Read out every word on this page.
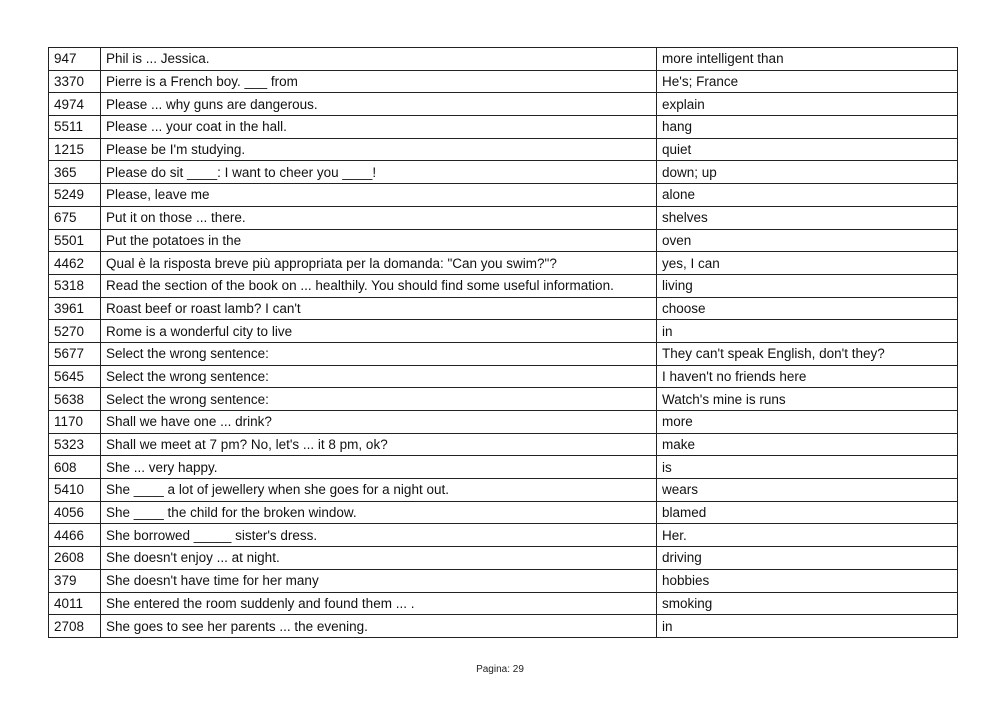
947	Phil is ... Jessica.	more intelligent than
3370	Pierre is a French boy. ___ from	He's; France
4974	Please ... why guns are dangerous.	explain
5511	Please ... your coat in the hall.	hang
1215	Please be I'm studying.	quiet
365	Please do sit ____: I want to cheer you ____!	down; up
5249	Please, leave me	alone
675	Put it on those ... there.	shelves
5501	Put the potatoes in the	oven
4462	Qual è la risposta breve più appropriata per la domanda: "Can you swim?"?	yes, I can
5318	Read the section of the book on ... healthily. You should find some useful information.	living
3961	Roast beef or roast lamb? I can't	choose
5270	Rome is a wonderful city to live	in
5677	Select the wrong sentence:	They can't speak English, don't they?
5645	Select the wrong sentence:	I haven't no friends here
5638	Select the wrong sentence:	Watch's mine is runs
1170	Shall we have one ... drink?	more
5323	Shall we meet at 7 pm? No, let's ... it 8 pm, ok?	make
608	She ... very happy.	is
5410	She ____ a lot of jewellery when she goes for a night out.	wears
4056	She ____ the child for the broken window.	blamed
4466	She borrowed _____ sister's dress.	Her.
2608	She doesn't enjoy ... at night.	driving
379	She doesn't have time for her many	hobbies
4011	She entered the room suddenly and found them ... .	smoking
2708	She goes to see her parents ... the evening.	in
Pagina: 29
